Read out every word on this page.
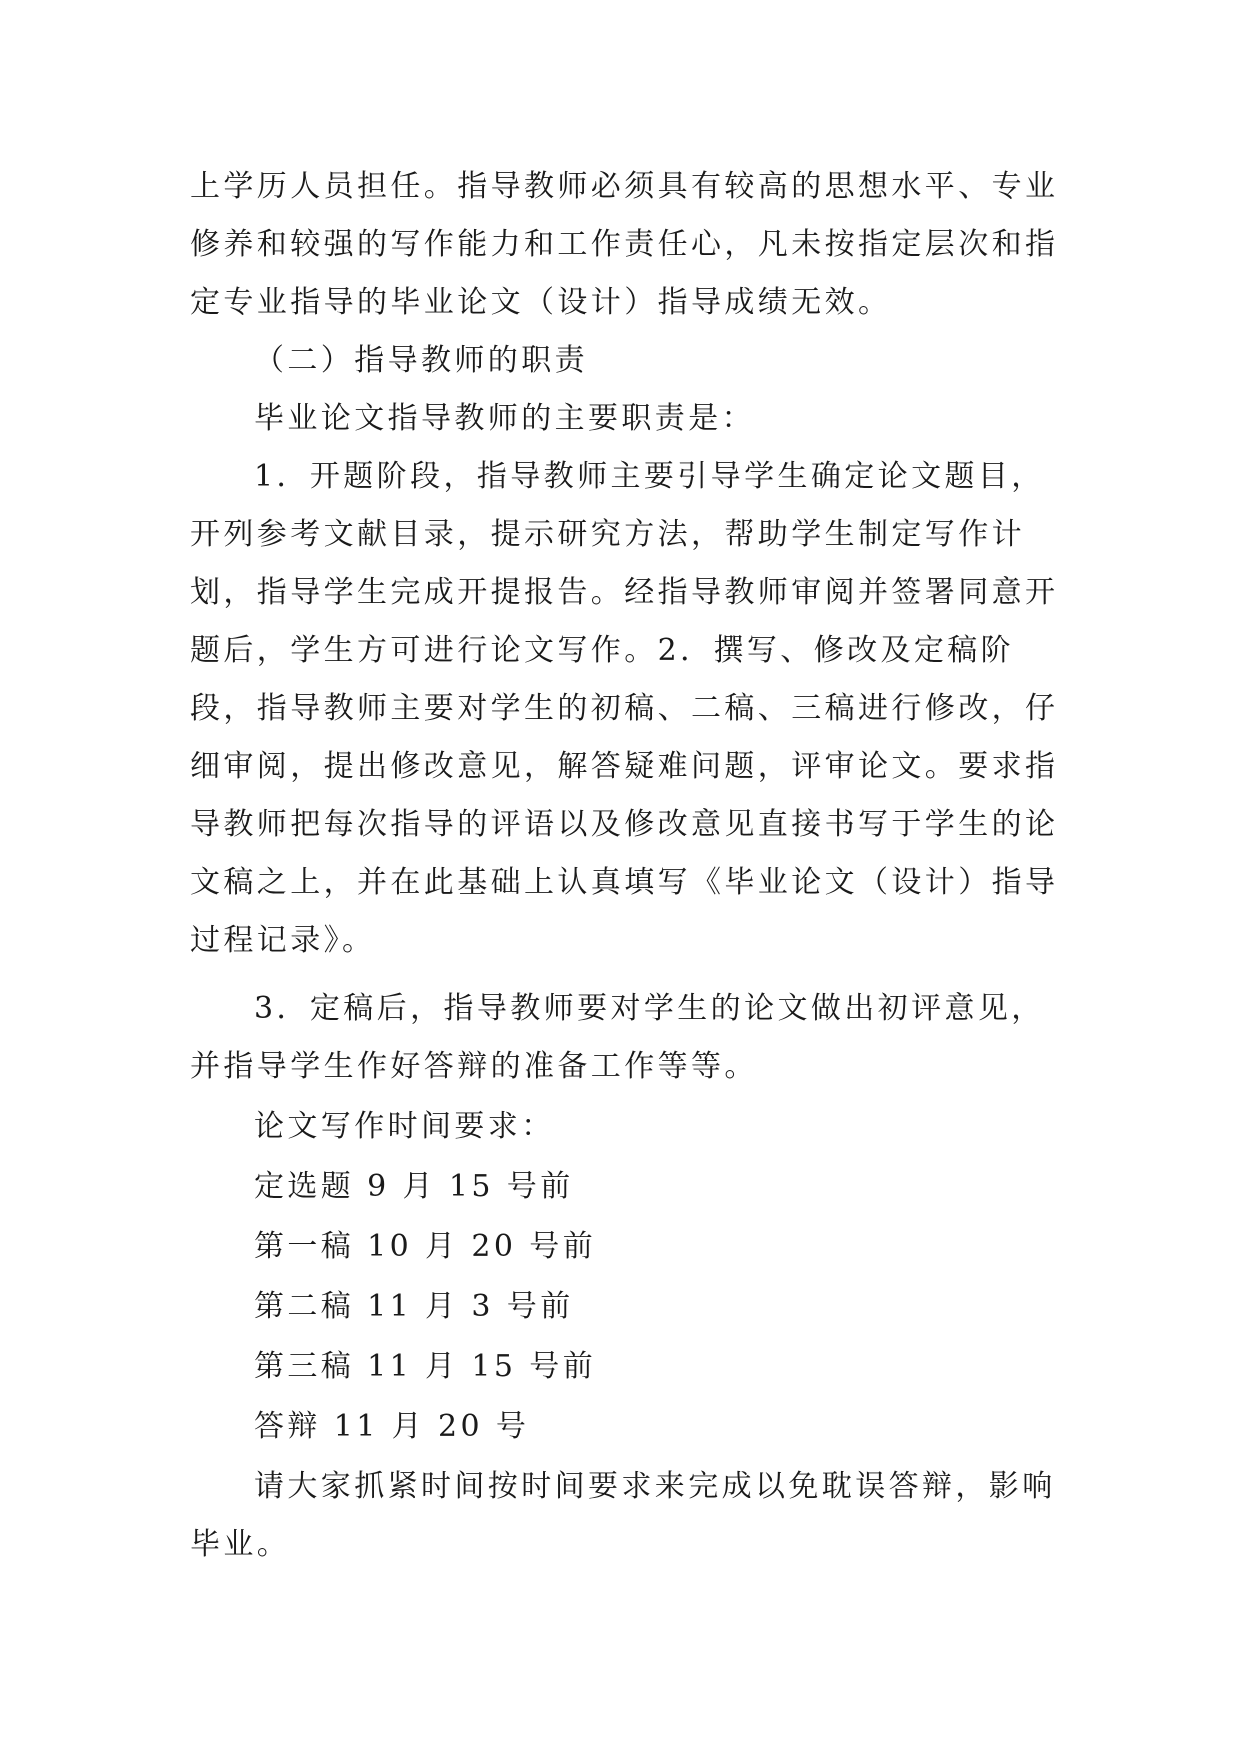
上学历人员担任。指导教师必须具有较高的思想水平、专业修养和较强的写作能力和工作责任心，凡未按指定层次和指定专业指导的毕业论文（设计）指导成绩无效。

（二）指导教师的职责

毕业论文指导教师的主要职责是：

1．开题阶段，指导教师主要引导学生确定论文题目，开列参考文献目录，提示研究方法，帮助学生制定写作计划，指导学生完成开提报告。经指导教师审阅并签署同意开题后，学生方可进行论文写作。2．撰写、修改及定稿阶段，指导教师主要对学生的初稿、二稿、三稿进行修改，仔细审阅，提出修改意见，解答疑难问题，评审论文。要求指导教师把每次指导的评语以及修改意见直接书写于学生的论文稿之上，并在此基础上认真填写《毕业论文（设计）指导过程记录》。

3．定稿后，指导教师要对学生的论文做出初评意见，并指导学生作好答辩的准备工作等等。

论文写作时间要求：

定选题 9 月 15 号前

第一稿 10 月 20 号前

第二稿 11 月 3 号前

第三稿 11 月 15 号前

答辩 11 月 20 号

请大家抓紧时间按时间要求来完成以免耽误答辩，影响毕业。
